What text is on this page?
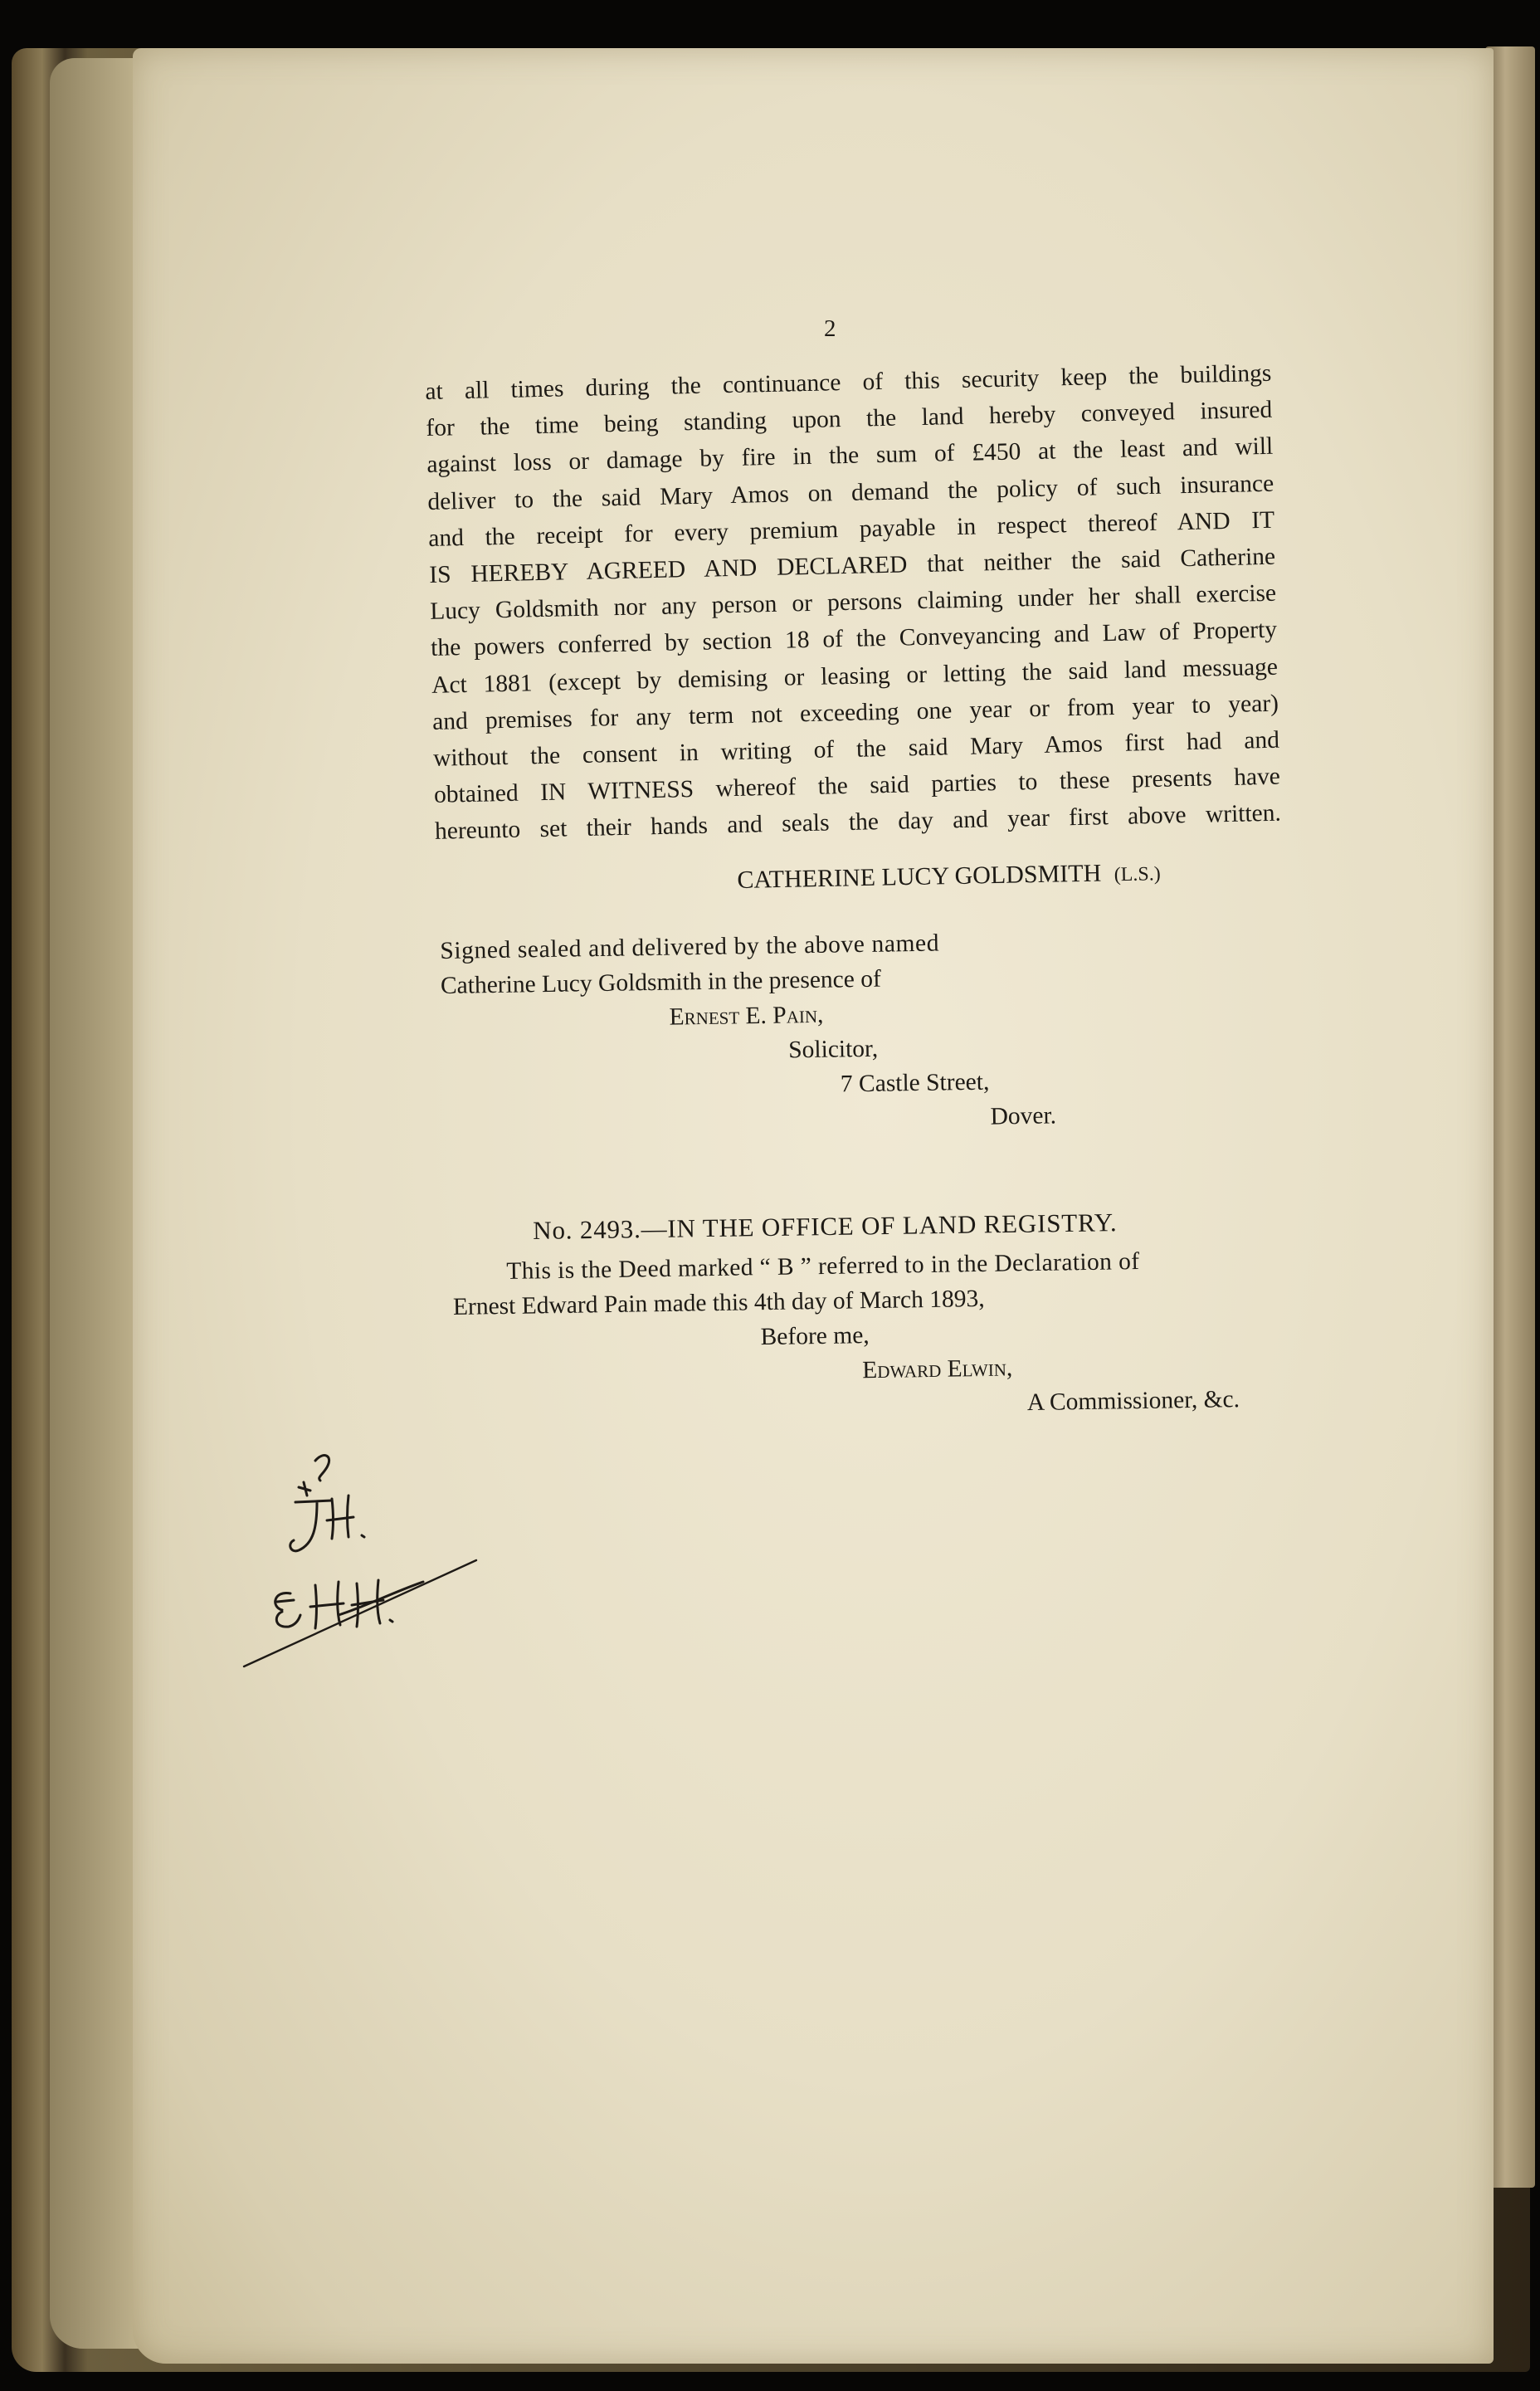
2
at all times during the continuance of this security keep the buildings
for the time being standing upon the land hereby conveyed insured
against loss or damage by fire in the sum of £450 at the least and will
deliver to the said Mary Amos on demand the policy of such insurance
and the receipt for every premium payable in respect thereof AND IT
IS HEREBY AGREED AND DECLARED that neither the said Catherine
Lucy Goldsmith nor any person or persons claiming under her shall exercise
the powers conferred by section 18 of the Conveyancing and Law of Property
Act 1881 (except by demising or leasing or letting the said land messuage
and premises for any term not exceeding one year or from year to year)
without the consent in writing of the said Mary Amos first had and
obtained IN WITNESS whereof the said parties to these presents have
hereunto set their hands and seals the day and year first above written.
CATHERINE LUCY GOLDSMITH (L.S.)
Signed sealed and delivered by the above named
Catherine Lucy Goldsmith in the presence of
Ernest E. Pain,
Solicitor,
7 Castle Street,
Dover.
No. 2493.—IN THE OFFICE OF LAND REGISTRY.
This is the Deed marked “ B ” referred to in the Declaration of
Ernest Edward Pain made this 4th day of March 1893,
Before me,
Edward Elwin,
A Commissioner, &c.
